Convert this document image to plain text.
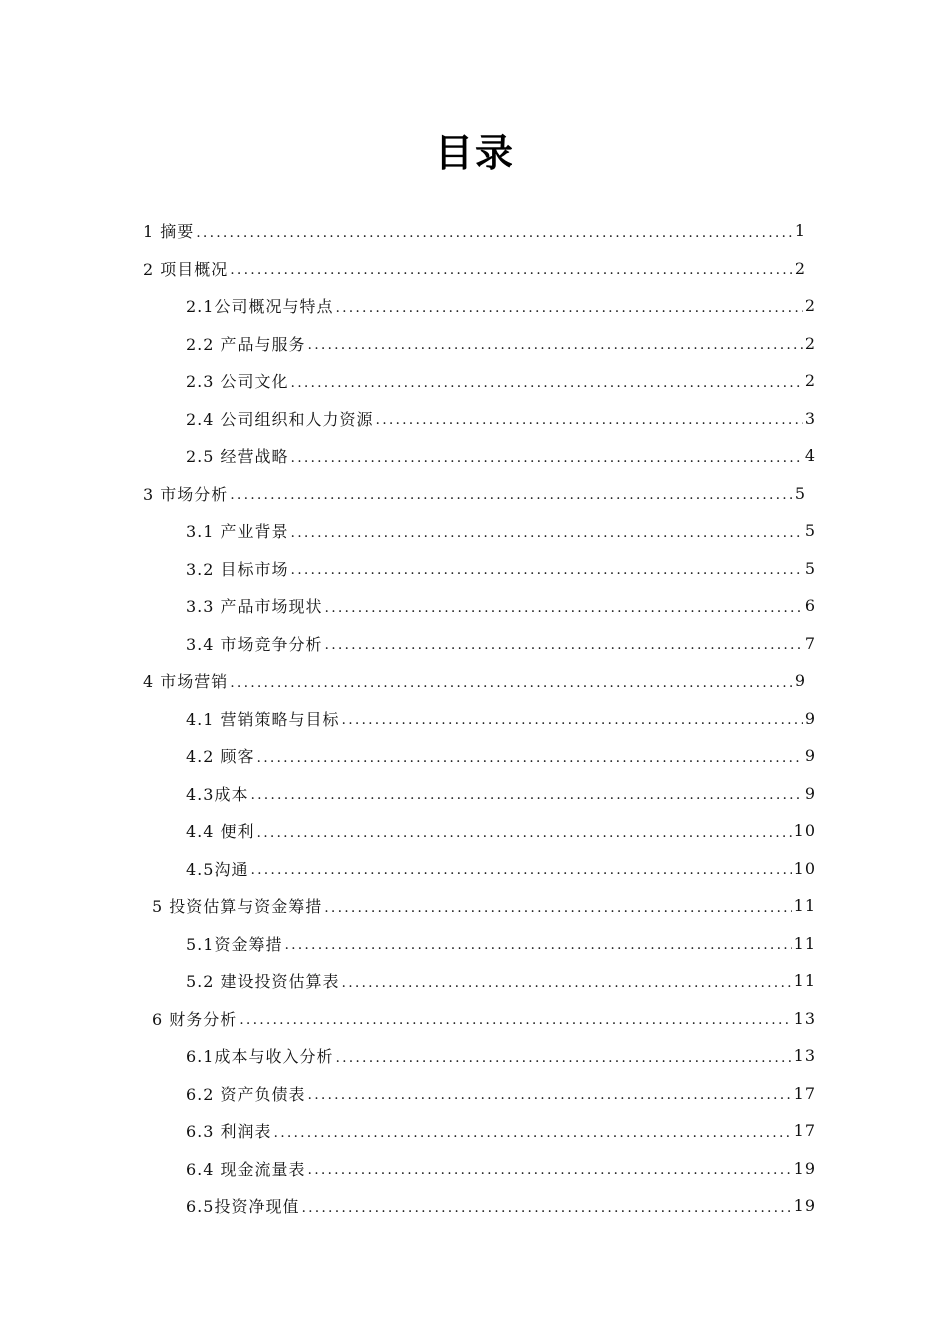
目录
1 摘要 .....	1
2 项目概况 .....	2
2.1公司概况与特点 .....	2
2.2 产品与服务 .....	2
2.3 公司文化 .....	2
2.4 公司组织和人力资源 .....	3
2.5 经营战略 .....	4
3 市场分析 .....	5
3.1 产业背景 .....	5
3.2 目标市场 .....	5
3.3 产品市场现状 .....	6
3.4 市场竞争分析 .....	7
4 市场营销 .....	9
4.1 营销策略与目标 .....	9
4.2 顾客 .....	9
4.3成本 .....	9
4.4 便利 .....	10
4.5沟通 .....	10
5 投资估算与资金筹措 .....	11
5.1资金筹措 .....	11
5.2 建设投资估算表 .....	11
6 财务分析 .....	13
6.1成本与收入分析 .....	13
6.2 资产负债表 .....	17
6.3 利润表 .....	17
6.4 现金流量表 .....	19
6.5投资净现值 .....	19
